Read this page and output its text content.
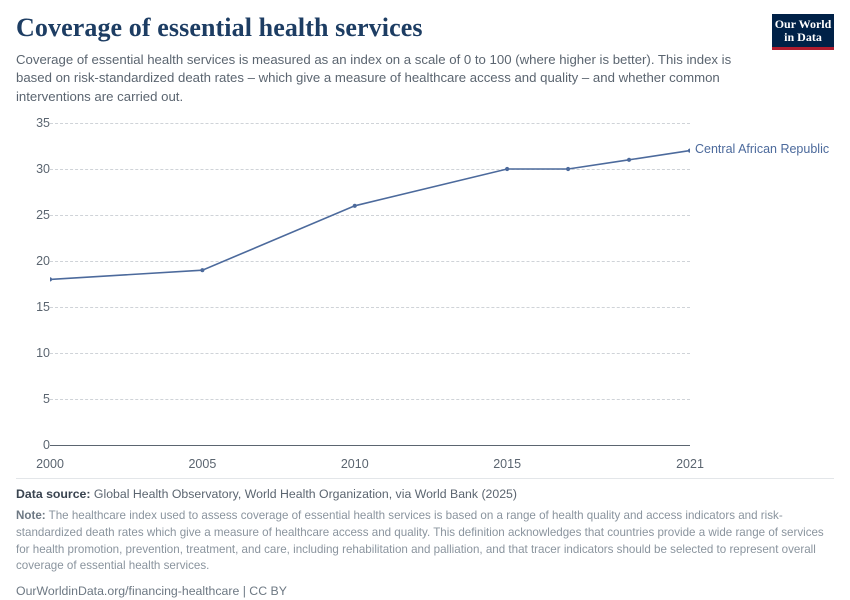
Coverage of essential health services

Coverage of essential health services is measured as an index on a scale of 0 to 100 (where higher is better). This index is based on risk-standardized death rates – which give a measure of healthcare access and quality – and whether common interventions are carried out.

Our World
in Data
0
5
10
15
20
25
30
35
2000	2005	2010	2015	2021
Central African Republic
Data source: Global Health Observatory, World Health Organization, via World Bank (2025)
Note: The healthcare index used to assess coverage of essential health services is based on a range of health quality and access indicators and risk-standardized death rates which give a measure of healthcare access and quality. This definition acknowledges that countries provide a wide range of services for health promotion, prevention, treatment, and care, including rehabilitation and palliation, and that tracer indicators should be selected to represent overall coverage of essential health services.
OurWorldinData.org/financing-healthcare | CC BY
